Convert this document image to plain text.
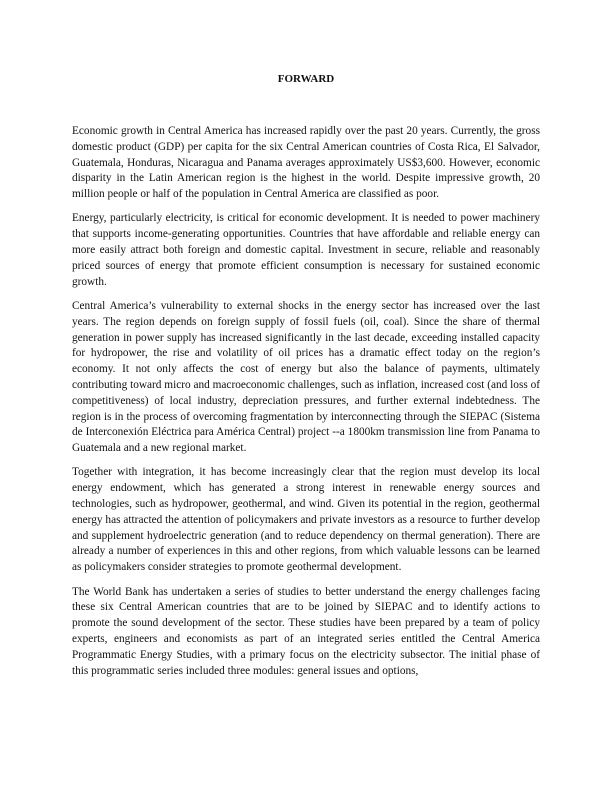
FORWARD

Economic growth in Central America has increased rapidly over the past 20 years. Currently, the gross domestic product (GDP) per capita for the six Central American countries of Costa Rica, El Salvador, Guatemala, Honduras, Nicaragua and Panama averages approximately US$3,600. However, economic disparity in the Latin American region is the highest in the world. Despite impressive growth, 20 million people or half of the population in Central America are classified as poor.

Energy, particularly electricity, is critical for economic development. It is needed to power machinery that supports income-generating opportunities. Countries that have affordable and reliable energy can more easily attract both foreign and domestic capital. Investment in secure, reliable and reasonably priced sources of energy that promote efficient consumption is necessary for sustained economic growth.

Central America’s vulnerability to external shocks in the energy sector has increased over the last years. The region depends on foreign supply of fossil fuels (oil, coal). Since the share of thermal generation in power supply has increased significantly in the last decade, exceeding installed capacity for hydropower, the rise and volatility of oil prices has a dramatic effect today on the region’s economy. It not only affects the cost of energy but also the balance of payments, ultimately contributing toward micro and macroeconomic challenges, such as inflation, increased cost (and loss of competitiveness) of local industry, depreciation pressures, and further external indebtedness. The region is in the process of overcoming fragmentation by interconnecting through the SIEPAC (Sistema de Interconexión Eléctrica para América Central) project --a 1800km transmission line from Panama to Guatemala and a new regional market.

Together with integration, it has become increasingly clear that the region must develop its local energy endowment, which has generated a strong interest in renewable energy sources and technologies, such as hydropower, geothermal, and wind. Given its potential in the region, geothermal energy has attracted the attention of policymakers and private investors as a resource to further develop and supplement hydroelectric generation (and to reduce dependency on thermal generation). There are already a number of experiences in this and other regions, from which valuable lessons can be learned as policymakers consider strategies to promote geothermal development.

The World Bank has undertaken a series of studies to better understand the energy challenges facing these six Central American countries that are to be joined by SIEPAC and to identify actions to promote the sound development of the sector. These studies have been prepared by a team of policy experts, engineers and economists as part of an integrated series entitled the Central America Programmatic Energy Studies, with a primary focus on the electricity subsector. The initial phase of this programmatic series included three modules: general issues and options,
